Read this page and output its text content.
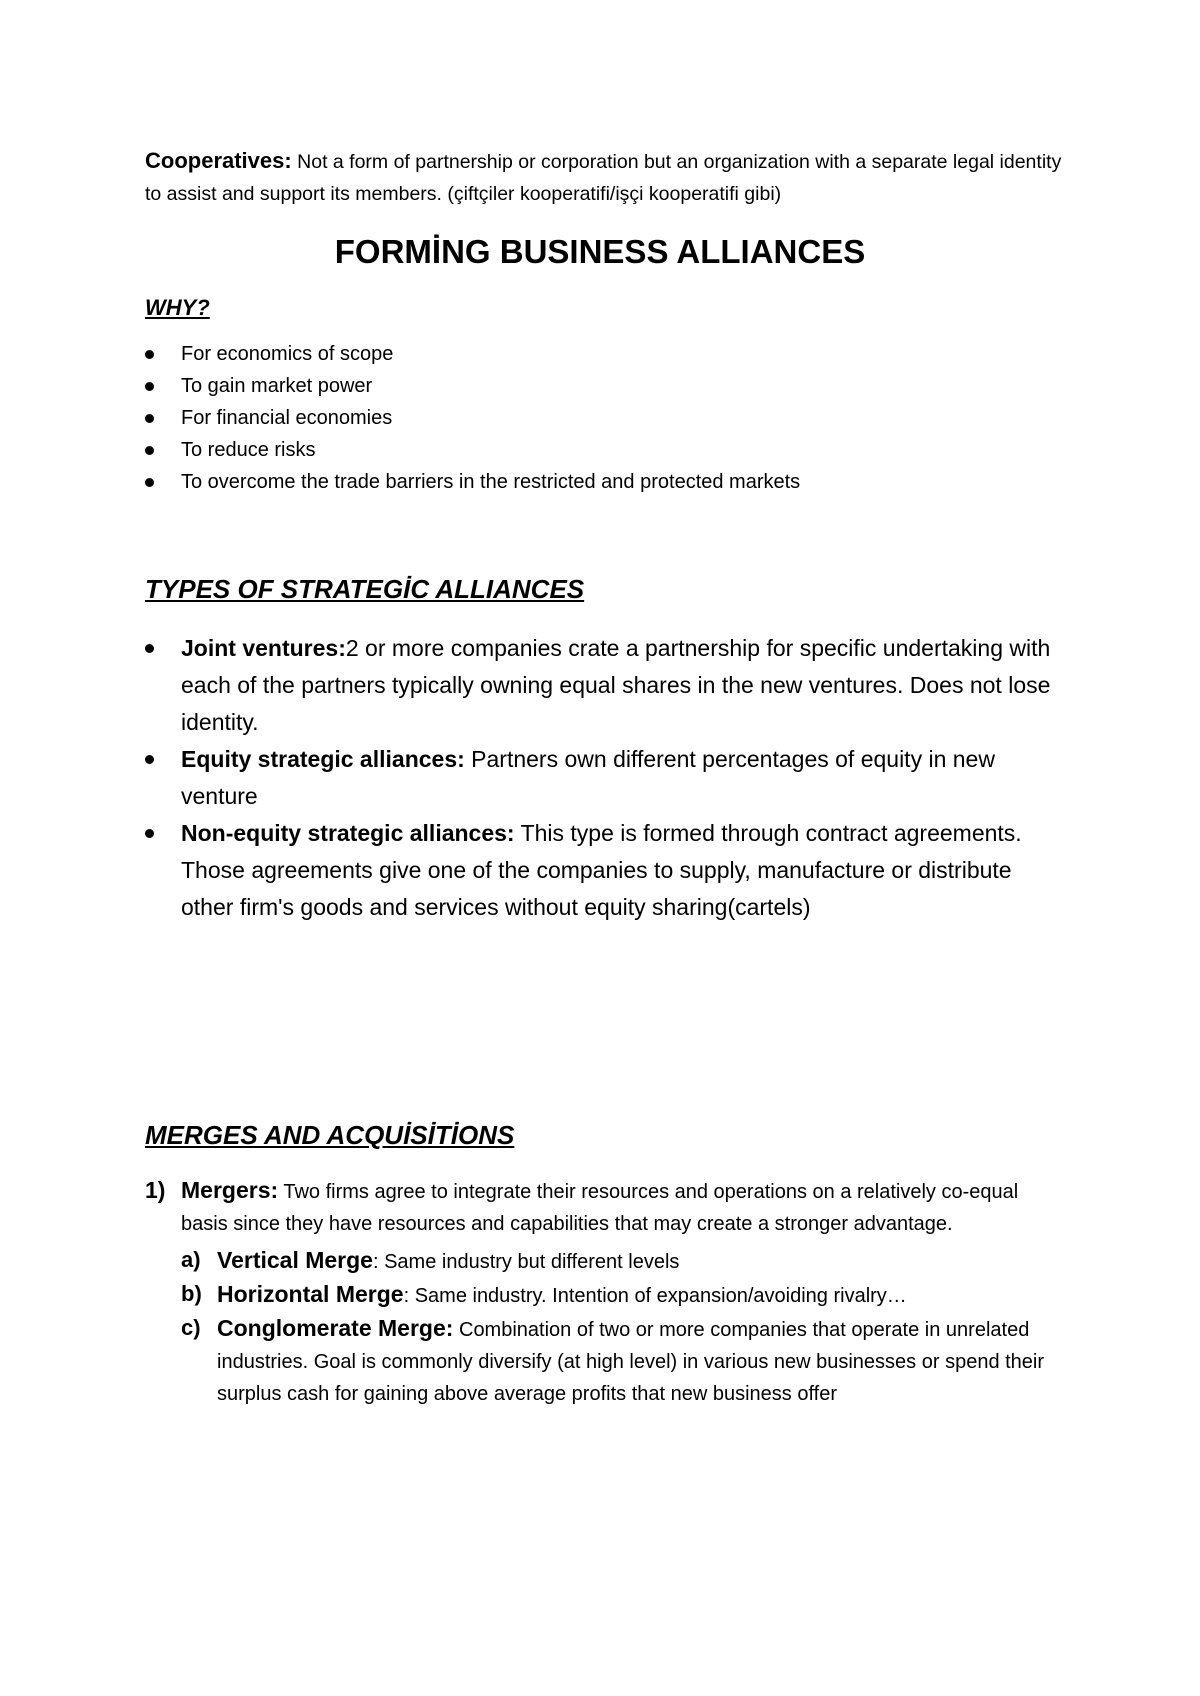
Cooperatives: Not a form of partnership or corporation but an organization with a separate legal identity to assist and support its members. (çiftçiler kooperatifi/işçi kooperatifi gibi)

FORMİNG BUSINESS ALLIANCES
WHY?
For economics of scope
To gain market power
For financial economies
To reduce risks
To overcome the trade barriers in the restricted and protected markets
TYPES OF STRATEGİC ALLIANCES
Joint ventures:2 or more companies crate a partnership for specific undertaking with each of the partners typically owning equal shares in the new ventures. Does not lose identity.
Equity strategic alliances: Partners own different percentages of equity in new venture
Non-equity strategic alliances: This type is formed through contract agreements. Those agreements give one of the companies to supply, manufacture or distribute other firm's goods and services without equity sharing(cartels)
MERGES AND ACQUİSİTİONS
1) Mergers: Two firms agree to integrate their resources and operations on a relatively co-equal basis since they have resources and capabilities that may create a stronger advantage.
a) Vertical Merge: Same industry but different levels
b) Horizontal Merge: Same industry. Intention of expansion/avoiding rivalry…
c) Conglomerate Merge: Combination of two or more companies that operate in unrelated industries. Goal is commonly diversify (at high level) in various new businesses or spend their surplus cash for gaining above average profits that new business offer
